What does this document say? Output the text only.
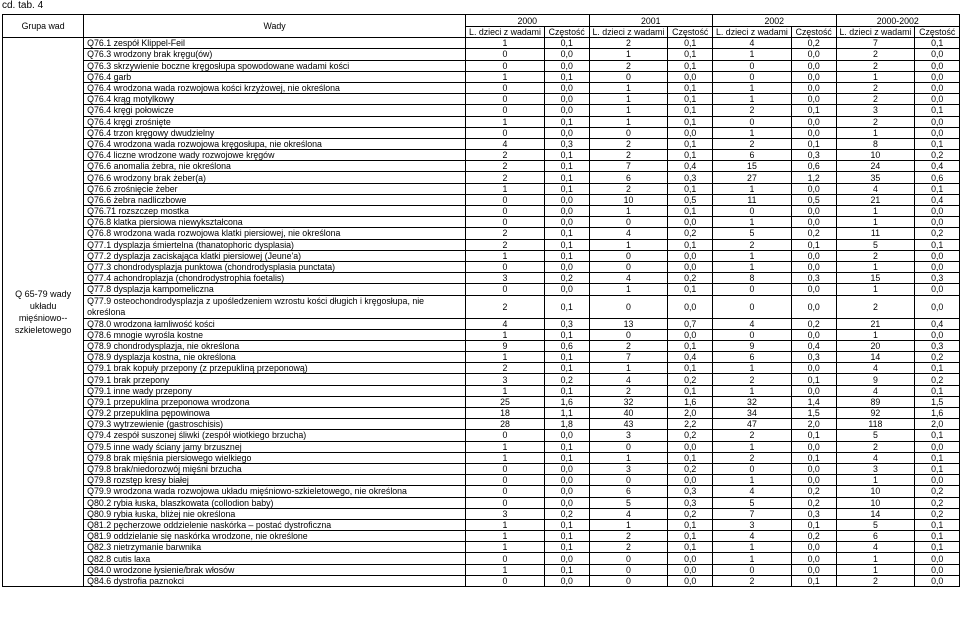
cd. tab. 4
Grupa wad	Wady	2000		2001		2002		2000-2002	
		L. dzieci z wadami	Częstość	L. dzieci z wadami	Częstość	L. dzieci z wadami	Częstość	L. dzieci z wadami	Częstość
Q 65-79 wady układu mięśniowo--szkieletowego	Q76.1 zespół Klippel-Feil	1	0,1	2	0,1	4	0,2	7	0,1
	Q76.3 wrodzony brak kręgu(ów)	0	0,0	1	0,1	1	0,0	2	0,0
	Q76.3 skrzywienie boczne kręgosłupa spowodowane wadami kości	0	0,0	2	0,1	0	0,0	2	0,0
	Q76.4 garb	1	0,1	0	0,0	0	0,0	1	0,0
	Q76.4 wrodzona wada rozwojowa kości krzyżowej, nie określona	0	0,0	1	0,1	1	0,0	2	0,0
	Q76.4 krąg motylkowy	0	0,0	1	0,1	1	0,0	2	0,0
	Q76.4 kręgi połowicze	0	0,0	1	0,1	2	0,1	3	0,1
	Q76.4 kręgi zrośnięte	1	0,1	1	0,1	0	0,0	2	0,0
	Q76.4 trzon kręgowy dwudzielny	0	0,0	0	0,0	1	0,0	1	0,0
	Q76.4 wrodzona wada rozwojowa kręgosłupa, nie określona	4	0,3	2	0,1	2	0,1	8	0,1
	Q76.4 liczne wrodzone wady rozwojowe kręgów	2	0,1	2	0,1	6	0,3	10	0,2
	Q76.6 anomalia żebra, nie określona	2	0,1	7	0,4	15	0,6	24	0,4
	Q76.6 wrodzony brak żeber(a)	2	0,1	6	0,3	27	1,2	35	0,6
	Q76.6 zrośnięcie żeber	1	0,1	2	0,1	1	0,0	4	0,1
	Q76.6 żebra nadliczbowe	0	0,0	10	0,5	11	0,5	21	0,4
	Q76.71 rozszczep mostka	0	0,0	1	0,1	0	0,0	1	0,0
	Q76.8 klatka piersiowa niewykształcona	0	0,0	0	0,0	1	0,0	1	0,0
	Q76.8 wrodzona wada rozwojowa klatki piersiowej, nie określona	2	0,1	4	0,2	5	0,2	11	0,2
	Q77.1 dysplazja śmiertelna (thanatophoric dysplasia)	2	0,1	1	0,1	2	0,1	5	0,1
	Q77.2 dysplazja zaciskająca klatki piersiowej (Jeune'a)	1	0,1	0	0,0	1	0,0	2	0,0
	Q77.3 chondrodysplazja punktowa (chondrodysplasia punctata)	0	0,0	0	0,0	1	0,0	1	0,0
	Q77.4 achondroplazja (chondrodystrophia foetalis)	3	0,2	4	0,2	8	0,3	15	0,3
	Q77.8 dysplazja kampomeliczna	0	0,0	1	0,1	0	0,0	1	0,0
	Q77.9 osteochondrodysplazja z upośledzeniem wzrostu kości długich i kręgosłupa, nie określona	2	0,1	0	0,0	0	0,0	2	0,0
	Q78.0 wrodzona łamliwość kości	4	0,3	13	0,7	4	0,2	21	0,4
	Q78.6 mnogie wyrośla kostne	1	0,1	0	0,0	0	0,0	1	0,0
	Q78.9 chondrodysplazja, nie określona	9	0,6	2	0,1	9	0,4	20	0,3
	Q78.9 dysplazja kostna, nie określona	1	0,1	7	0,4	6	0,3	14	0,2
	Q79.1 brak kopuły przepony (z przepukliną przeponową)	2	0,1	1	0,1	1	0,0	4	0,1
	Q79.1 brak przepony	3	0,2	4	0,2	2	0,1	9	0,2
	Q79.1 inne wady przepony	1	0,1	2	0,1	1	0,0	4	0,1
	Q79.1 przepuklina przeponowa wrodzona	25	1,6	32	1,6	32	1,4	89	1,5
	Q79.2 przepuklina pępowinowa	18	1,1	40	2,0	34	1,5	92	1,6
	Q79.3 wytrzewienie (gastroschisis)	28	1,8	43	2,2	47	2,0	118	2,0
	Q79.4 zespół suszonej śliwki (zespół wiotkiego brzucha)	0	0,0	3	0,2	2	0,1	5	0,1
	Q79.5 inne wady ściany jamy brzusznej	1	0,1	0	0,0	1	0,0	2	0,0
	Q79.8 brak mięśnia piersiowego wielkiego	1	0,1	1	0,1	2	0,1	4	0,1
	Q79.8 brak/niedorozwój mięśni brzucha	0	0,0	3	0,2	0	0,0	3	0,1
	Q79.8 rozstęp kresy białej	0	0,0	0	0,0	1	0,0	1	0,0
	Q79.9 wrodzona wada rozwojowa układu mięśniowo-szkieletowego, nie określona	0	0,0	6	0,3	4	0,2	10	0,2
	Q80.2 rybia łuska, blaszkowata (collodion baby)	0	0,0	5	0,3	5	0,2	10	0,2
	Q80.9 rybia łuska, bliżej nie określona	3	0,2	4	0,2	7	0,3	14	0,2
	Q81.2 pęcherzowe oddzielenie naskórka – postać dystroficzna	1	0,1	1	0,1	3	0,1	5	0,1
	Q81.9 oddzielanie się naskórka wrodzone, nie określone	1	0,1	2	0,1	4	0,2	6	0,1
	Q82.3 nietrzymanie barwnika	1	0,1	2	0,1	1	0,0	4	0,1
	Q82.8 cutis laxa	0	0,0	0	0,0	1	0,0	1	0,0
	Q84.0 wrodzone łysienie/brak włosów	1	0,1	0	0,0	0	0,0	1	0,0
	Q84.6 dystrofia paznokci	0	0,0	0	0,0	2	0,1	2	0,0
